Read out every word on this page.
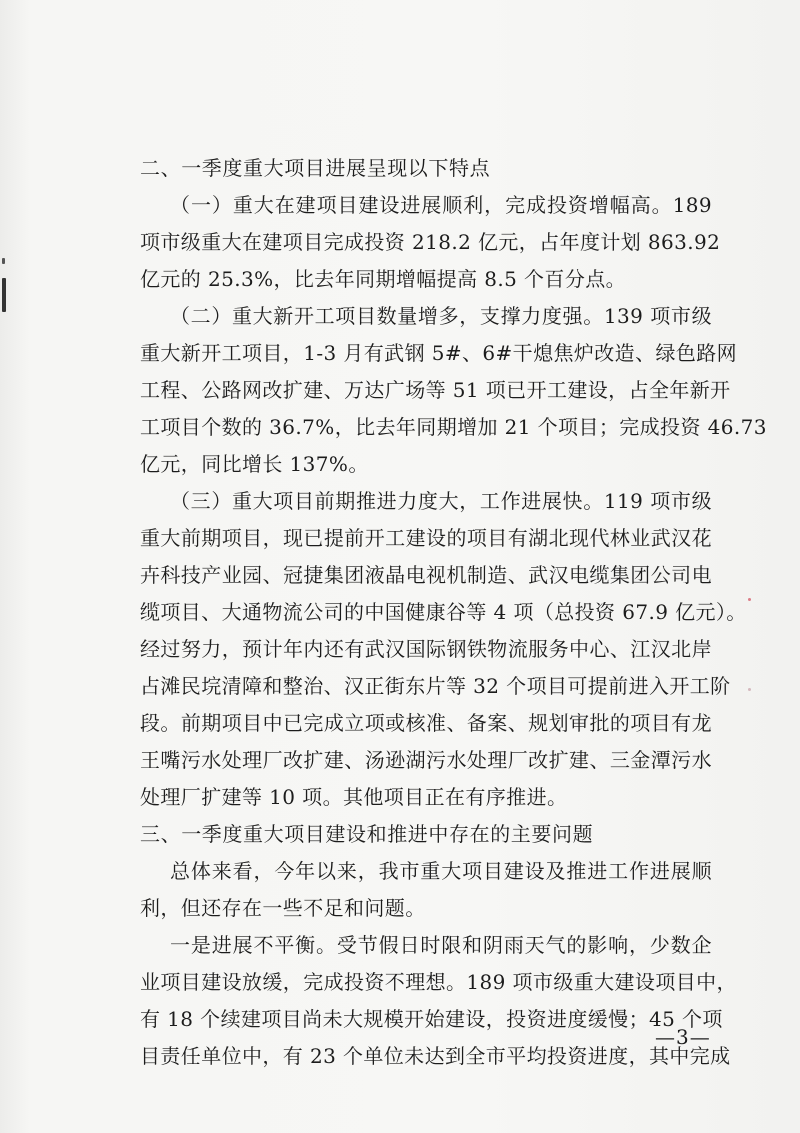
二、一季度重大项目进展呈现以下特点
（一）重大在建项目建设进展顺利，完成投资增幅高。189
项市级重大在建项目完成投资 218.2 亿元，占年度计划 863.92
亿元的 25.3%，比去年同期增幅提高 8.5 个百分点。
（二）重大新开工项目数量增多，支撑力度强。139 项市级
重大新开工项目，1-3 月有武钢 5#、6#干熄焦炉改造、绿色路网
工程、公路网改扩建、万达广场等 51 项已开工建设，占全年新开
工项目个数的 36.7%，比去年同期增加 21 个项目；完成投资 46.73
亿元，同比增长 137%。
（三）重大项目前期推进力度大，工作进展快。119 项市级
重大前期项目，现已提前开工建设的项目有湖北现代林业武汉花
卉科技产业园、冠捷集团液晶电视机制造、武汉电缆集团公司电
缆项目、大通物流公司的中国健康谷等 4 项（总投资 67.9 亿元）。
经过努力，预计年内还有武汉国际钢铁物流服务中心、江汉北岸
占滩民垸清障和整治、汉正街东片等 32 个项目可提前进入开工阶
段。前期项目中已完成立项或核准、备案、规划审批的项目有龙
王嘴污水处理厂改扩建、汤逊湖污水处理厂改扩建、三金潭污水
处理厂扩建等 10 项。其他项目正在有序推进。
三、一季度重大项目建设和推进中存在的主要问题
总体来看，今年以来，我市重大项目建设及推进工作进展顺
利，但还存在一些不足和问题。
一是进展不平衡。受节假日时限和阴雨天气的影响，少数企
业项目建设放缓，完成投资不理想。189 项市级重大建设项目中，
有 18 个续建项目尚未大规模开始建设，投资进度缓慢；45 个项
目责任单位中，有 23 个单位未达到全市平均投资进度，其中完成
—3—
